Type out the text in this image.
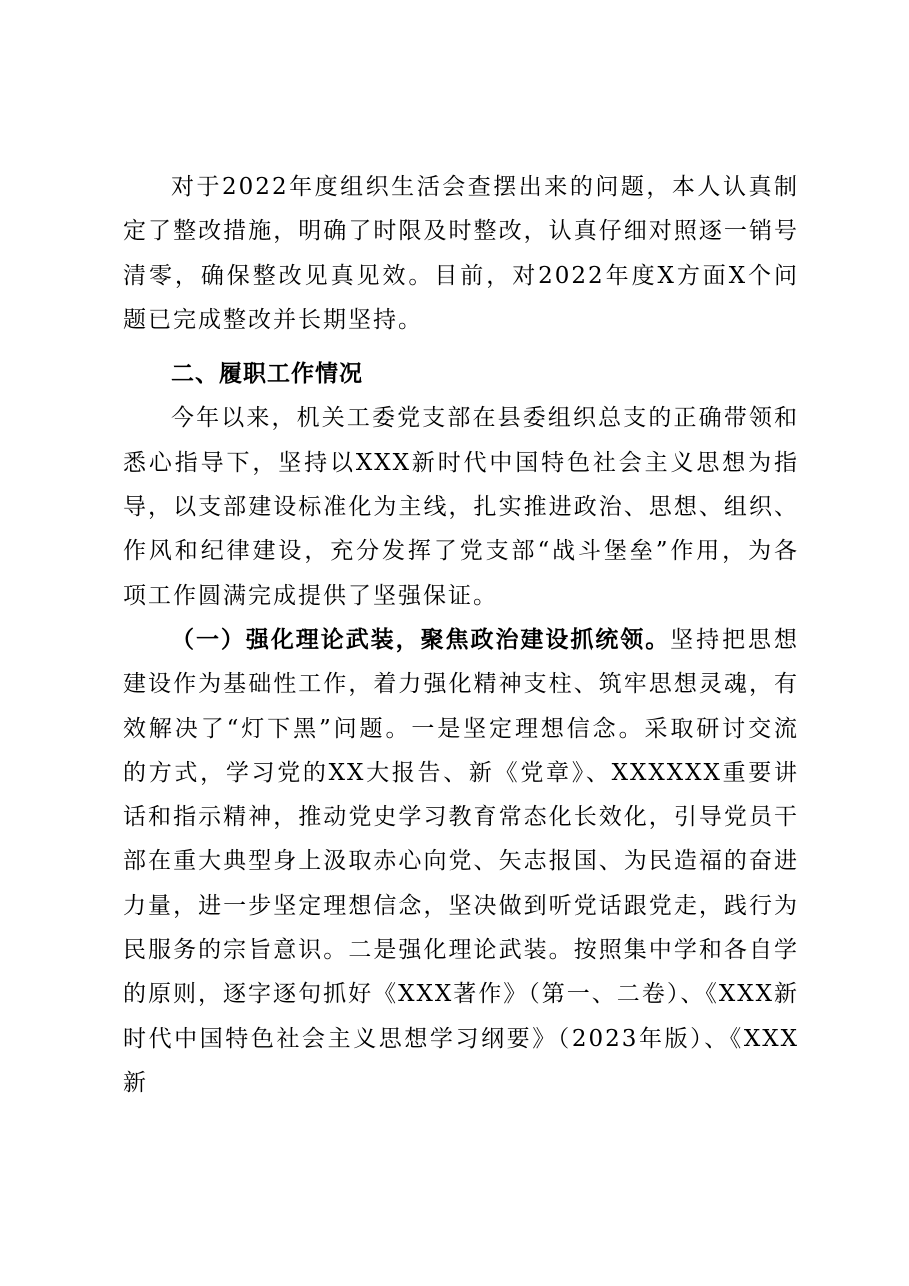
对于2022年度组织生活会查摆出来的问题，本人认真制定了整改措施，明确了时限及时整改，认真仔细对照逐一销号清零，确保整改见真见效。目前，对2022年度X方面X个问题已完成整改并长期坚持。

二、履职工作情况

今年以来，机关工委党支部在县委组织总支的正确带领和悉心指导下，坚持以XXX新时代中国特色社会主义思想为指导，以支部建设标准化为主线，扎实推进政治、思想、组织、作风和纪律建设，充分发挥了党支部“战斗堡垒”作用，为各项工作圆满完成提供了坚强保证。

（一）强化理论武装，聚焦政治建设抓统领。坚持把思想建设作为基础性工作，着力强化精神支柱、筑牢思想灵魂，有效解决了“灯下黑”问题。一是坚定理想信念。采取研讨交流的方式，学习党的XX大报告、新《党章》、XXXXXX重要讲话和指示精神，推动党史学习教育常态化长效化，引导党员干部在重大典型身上汲取赤心向党、矢志报国、为民造福的奋进力量，进一步坚定理想信念，坚决做到听党话跟党走，践行为民服务的宗旨意识。二是强化理论武装。按照集中学和各自学的原则，逐字逐句抓好《XXX著作》（第一、二卷）、《XXX新时代中国特色社会主义思想学习纲要》（2023年版）、《XXX新
